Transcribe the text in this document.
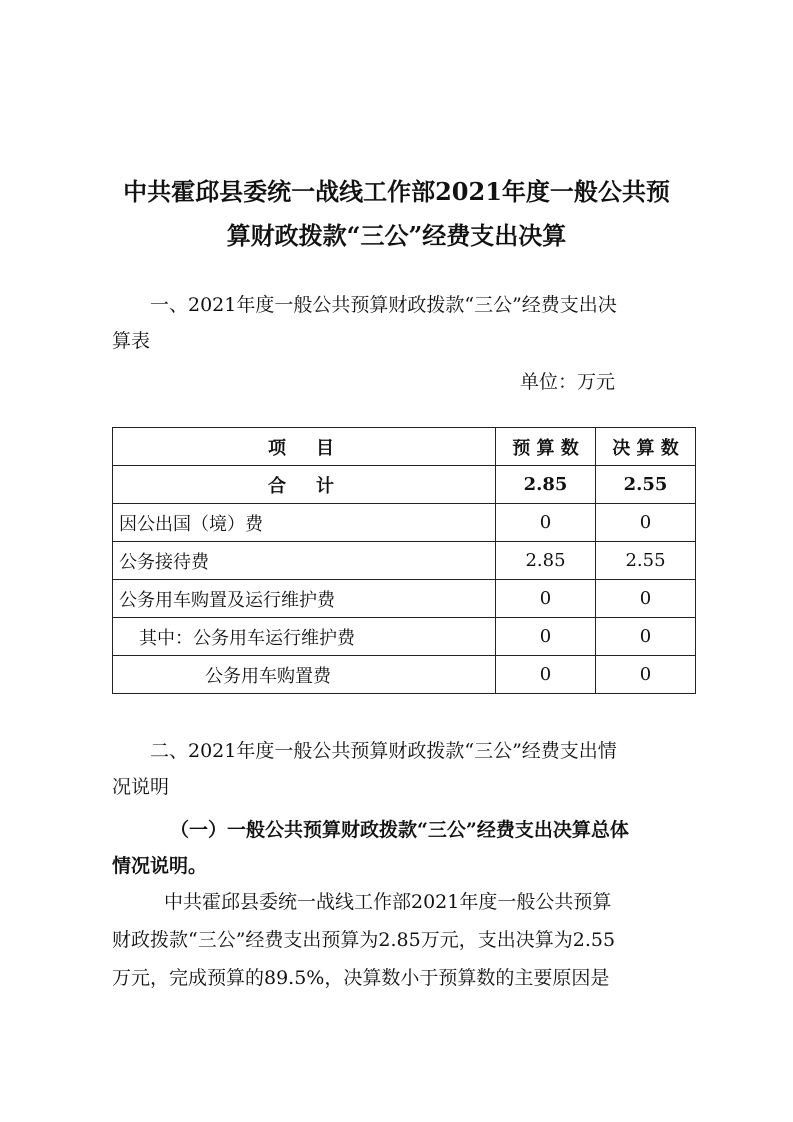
中共霍邱县委统一战线工作部2021年度一般公共预
算财政拨款“三公”经费支出决算
一、2021年度一般公共预算财政拨款“三公”经费支出决
算表
单位：万元
项　目	预 算 数	决 算 数
合　计	2.85	2.55
因公出国（境）费	0	0
公务接待费	2.85	2.55
公务用车购置及运行维护费	0	0
其中：公务用车运行维护费	0	0
公务用车购置费	0	0
二、2021年度一般公共预算财政拨款“三公”经费支出情
况说明
（一）一般公共预算财政拨款“三公”经费支出决算总体
情况说明。
中共霍邱县委统一战线工作部2021年度一般公共预算
财政拨款“三公”经费支出预算为2.85万元，支出决算为2.55
万元，完成预算的89.5%，决算数小于预算数的主要原因是
